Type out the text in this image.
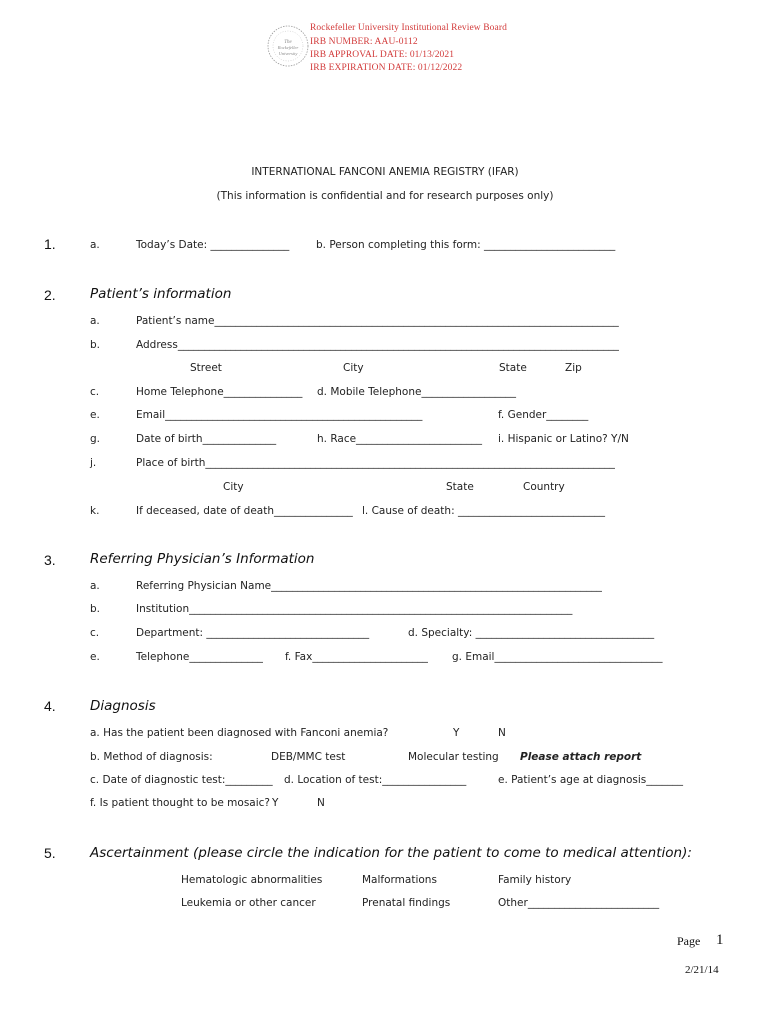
The
Rockefeller
University
Rockefeller University Institutional Review Board
IRB NUMBER: AAU-0112
IRB APPROVAL DATE: 01/13/2021
IRB EXPIRATION DATE: 01/12/2022
INTERNATIONAL FANCONI ANEMIA REGISTRY (IFAR)
(This information is confidential and for research purposes only)
1.	a.	Today’s Date: _______________	b. Person completing this form: _________________________
2.	Patient’s information
a.	Patient’s name_____________________________________________________________________________
b.	Address____________________________________________________________________________________
Street	City	State	Zip
c.	Home Telephone_______________ d. Mobile Telephone__________________
e.	Email_________________________________________________	f. Gender________
g.	Date of birth______________	h. Race________________________ i. Hispanic or Latino? Y/N
j.	Place of birth______________________________________________________________________________
City	State	Country
k.	If deceased, date of death_______________ l. Cause of death: ____________________________
3.	Referring Physician’s Information
a.	Referring Physician Name_______________________________________________________________
b.	Institution_________________________________________________________________________
c.	Department: _______________________________	d. Specialty: __________________________________
e.	Telephone______________ f. Fax______________________ g. Email________________________________
4.	Diagnosis
a. Has the patient been diagnosed with Fanconi anemia?	Y	N
b. Method of diagnosis:	DEB/MMC test	Molecular testing Please attach report
c. Date of diagnostic test:_________ d. Location of test:________________	e. Patient’s age at diagnosis_______
f. Is patient thought to be mosaic? Y	N
5.	Ascertainment (please circle the indication for the patient to come to medical attention):
Hematologic abnormalities	Malformations	Family history
Leukemia or other cancer	Prenatal findings	Other_________________________
Page 1
2/21/14
